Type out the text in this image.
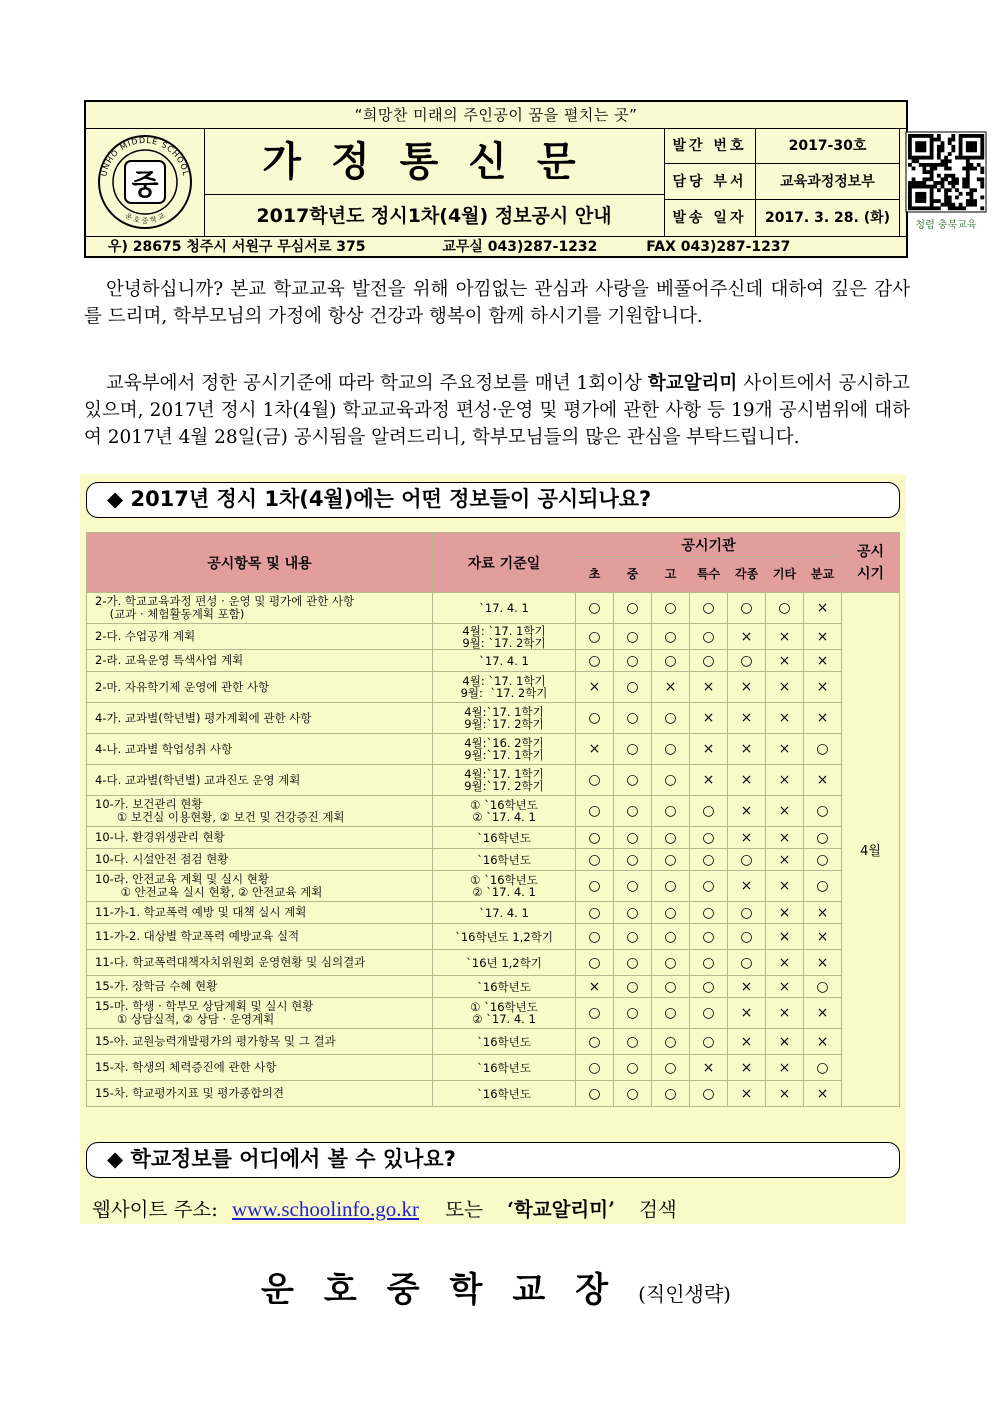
“희망찬 미래의 주인공이 꿈을 펼치는 곳”
UNHO MIDDLE SCHOOL
운 호 중 학 교
중	가정통신문
2017학년도 정시1차(4월) 정보공시 안내
발간 번호	2017-30호
담당 부서	교육과정정보부
발송 일자	2017. 3. 28. (화)	청렴 충북교육
우) 28675 청주시 서원구 무심서로 375	교무실 043)287-1232	FAX 043)287-1237
안녕하십니까? 본교 학교교육 발전을 위해 아낌없는 관심과 사랑을 베풀어주신데 대하여 깊은 감사를 드리며, 학부모님의 가정에 항상 건강과 행복이 함께 하시기를 기원합니다.
교육부에서 정한 공시기준에 따라 학교의 주요정보를 매년 1회이상 학교알리미 사이트에서 공시하고 있으며, 2017년 정시 1차(4월) 학교교육과정 편성·운영 및 평가에 관한 사항 등 19개 공시범위에 대하여 2017년 4월 28일(금) 공시됨을 알려드리니, 학부모님들의 많은 관심을 부탁드립니다.
◆ 2017년 정시 1차(4월)에는 어떤 정보들이 공시되나요?
◆ 학교정보를 어디에서 볼 수 있나요?
공시항목 및 내용	자료 기준일	공시기관							공시시기
		초	중	고	특수	각종	기타	분교	
2-가. 학교교육과정 편성 · 운영 및 평가에 관한 사항
(교과 · 체험활동계획 포함)	`17. 4. 1	○	○	○	○	○	○	×	4월
2-다. 수업공개 계획	4월: `17. 1학기
9월: `17. 2학기	○	○	○	○	×	×	×	
2-라. 교육운영 특색사업 계획	`17. 4. 1	○	○	○	○	○	×	×	
2-마. 자유학기제 운영에 관한 사항	4월: `17. 1학기
9월:  `17. 2학기	×	○	×	×	×	×	×	
4-가. 교과별(학년별) 평가계획에 관한 사항	4월:`17. 1학기
9월:`17. 2학기	○	○	○	×	×	×	×	
4-나. 교과별 학업성취 사항	4월:`16. 2학기
9월:`17. 1학기	×	○	○	×	×	×	○	
4-다. 교과별(학년별) 교과진도 운영 계획	4월:`17. 1학기
9월:`17. 2학기	○	○	○	×	×	×	×	
10-가. 보건관리 현황
① 보건실 이용현황, ② 보건 및 건강증진 계획	① `16학년도
② `17. 4. 1	○	○	○	○	×	×	○	
10-나. 환경위생관리 현황	`16학년도	○	○	○	○	×	×	○	
10-다. 시설안전 점검 현황	`16학년도	○	○	○	○	○	×	○	
10-라. 안전교육 계획 및 실시 현황
① 안전교육 실시 현황, ② 안전교육 계획	① `16학년도
② `17. 4. 1	○	○	○	○	×	×	○	
11-가-1. 학교폭력 예방 및 대책 실시 계획	`17. 4. 1	○	○	○	○	○	×	×	
11-가-2. 대상별 학교폭력 예방교육 실적	`16학년도 1,2학기	○	○	○	○	○	×	×	
11-다. 학교폭력대책자치위원회 운영현황 및 심의결과	`16년 1,2학기	○	○	○	○	○	×	×	
15-가. 장학금 수혜 현황	`16학년도	×	○	○	○	×	×	○	
15-마. 학생 · 학부모 상담계획 및 실시 현황
① 상담실적, ② 상담 · 운영계획	① `16학년도
② `17. 4. 1	○	○	○	○	×	×	×	
15-아. 교원능력개발평가의 평가항목 및 그 결과	`16학년도	○	○	○	○	×	×	×	
15-자. 학생의 체력증진에 관한 사항	`16학년도	○	○	○	×	×	×	○	
15-차. 학교평가지표 및 평가종합의견	`16학년도	○	○	○	○	×	×	×	
웹사이트 주소: www.schoolinfo.go.kr 또는 ‘학교알리미’ 검색
운호중학교장(직인생략)
